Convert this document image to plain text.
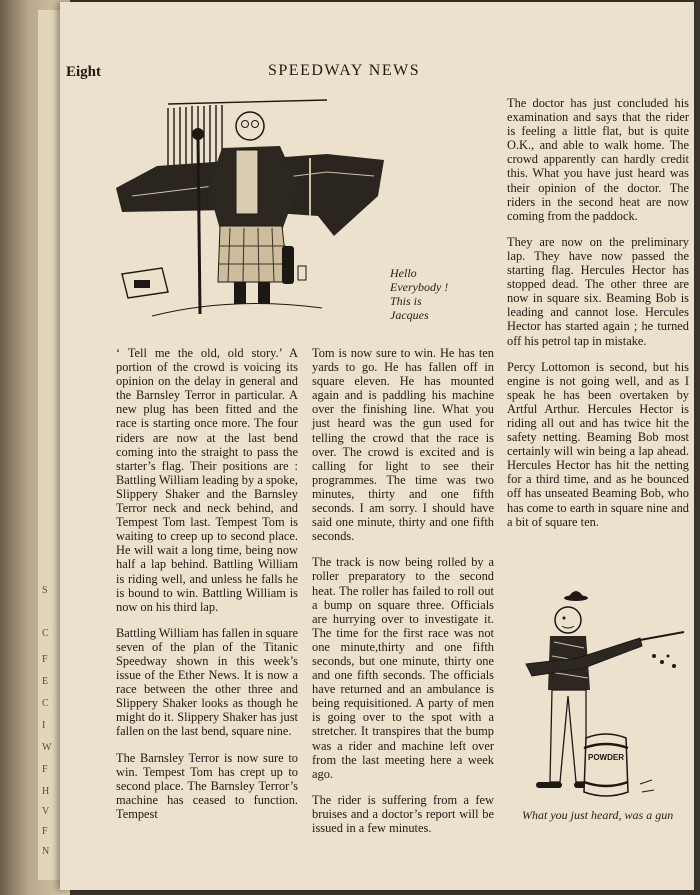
S
C
F
E
C
I
W
F
H
V
F
N
Eight	SPEEDWAY NEWS
Hello
Everybody !
This is
Jacques

‘ Tell me the old, old story.’ A portion of the crowd is voicing its opinion on the delay in general and the Barnsley Terror in particular. A new plug has been fitted and the race is starting once more. The four riders are now at the last bend coming into the straight to pass the starter’s flag. Their positions are : Battling William leading by a spoke, Slippery Shaker and the Barnsley Terror neck and neck behind, and Tempest Tom last. Tempest Tom is waiting to creep up to second place. He will wait a long time, being now half a lap behind. Battling William is riding well, and unless he falls he is bound to win. Battling William is now on his third lap.

Battling William has fallen in square seven of the plan of the Titanic Speedway shown in this week’s issue of the Ether News. It is now a race between the other three and Slippery Shaker looks as though he might do it. Slippery Shaker has just fallen on the last bend, square nine.

The Barnsley Terror is now sure to win. Tempest Tom has crept up to second place. The Barnsley Terror’s machine has ceased to function. Tempest

Tom is now sure to win. He has ten yards to go. He has fallen off in square eleven. He has mounted again and is paddling his machine over the finishing line. What you just heard was the gun used for telling the crowd that the race is over. The crowd is excited and is calling for light to see their programmes. The time was two minutes, thirty and one fifth seconds. I am sorry. I should have said one minute, thirty and one fifth seconds.

The track is now being rolled by a roller preparatory to the second heat. The roller has failed to roll out a bump on square three. Officials are hurrying over to investigate it. The time for the first race was not one minute,thirty and one fifth seconds, but one minute, thirty one and one fifth seconds. The officials have returned and an ambulance is being requisitioned. A party of men is going over to the spot with a stretcher. It transpires that the bump was a rider and machine left over from the last meeting here a week ago.

The rider is suffering from a few bruises and a doctor’s report will be issued in a few minutes.

The doctor has just concluded his examination and says that the rider is feeling a little flat, but is quite O.K., and able to walk home. The crowd apparently can hardly credit this. What you have just heard was their opinion of the doctor. The riders in the second heat are now coming from the paddock.

They are now on the preliminary lap. They have now passed the starting flag. Hercules Hector has stopped dead. The other three are now in square six. Beaming Bob is leading and cannot lose. Hercules Hector has started again ; he turned off his petrol tap in mistake.

Percy Lottomon is second, but his engine is not going well, and as I speak he has been overtaken by Artful Arthur. Hercules Hector is riding all out and has twice hit the safety netting. Beaming Bob most certainly will win being a lap ahead. Hercules Hector has hit the netting for a third time, and as he bounced off has unseated Beaming Bob, who has come to earth in square nine and a bit of square ten.

POWDER
What you just heard, was a gun
